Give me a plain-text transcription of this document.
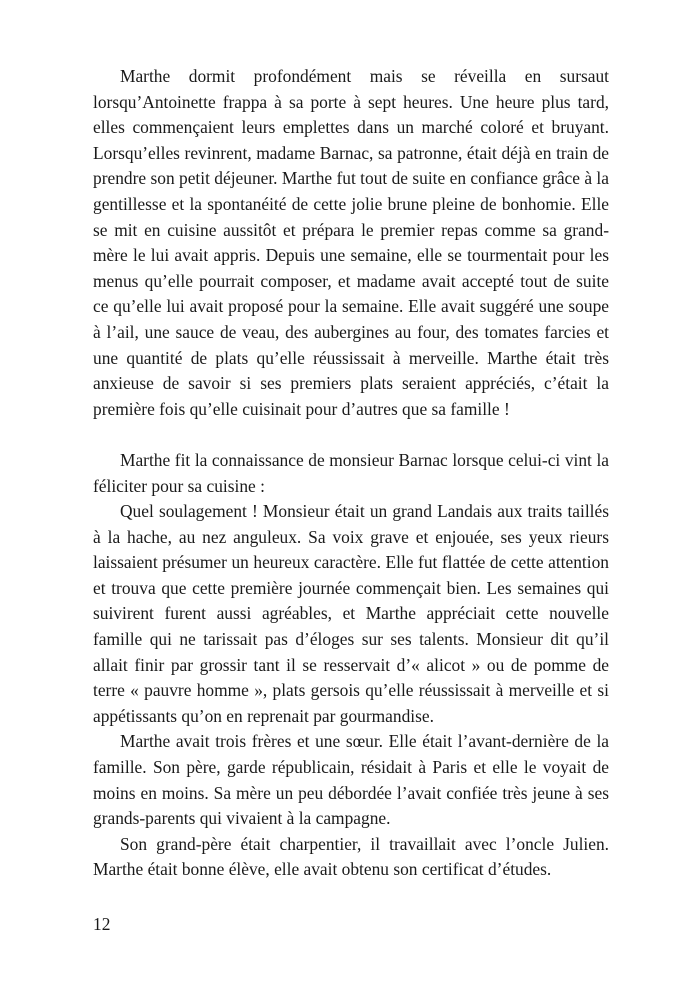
Marthe dormit profondément mais se réveilla en sursaut lorsqu’Antoinette frappa à sa porte à sept heures. Une heure plus tard, elles commençaient leurs emplettes dans un marché coloré et bruyant. Lorsqu’elles revinrent, madame Barnac, sa patronne, était déjà en train de prendre son petit déjeuner. Marthe fut tout de suite en confiance grâce à la gentillesse et la spontanéité de cette jolie brune pleine de bonhomie. Elle se mit en cuisine aussitôt et prépara le premier repas comme sa grand-mère le lui avait appris. Depuis une semaine, elle se tourmentait pour les menus qu’elle pourrait composer, et madame avait accepté tout de suite ce qu’elle lui avait proposé pour la semaine. Elle avait suggéré une soupe à l’ail, une sauce de veau, des aubergines au four, des tomates farcies et une quantité de plats qu’elle réussissait à merveille. Marthe était très anxieuse de savoir si ses premiers plats seraient appréciés, c’était la première fois qu’elle cuisinait pour d’autres que sa famille !

Marthe fit la connaissance de monsieur Barnac lorsque celui-ci vint la féliciter pour sa cuisine :

Quel soulagement ! Monsieur était un grand Landais aux traits taillés à la hache, au nez anguleux. Sa voix grave et enjouée, ses yeux rieurs laissaient présumer un heureux caractère. Elle fut flattée de cette attention et trouva que cette première journée commençait bien. Les semaines qui suivirent furent aussi agréables, et Marthe appréciait cette nouvelle famille qui ne tarissait pas d’éloges sur ses talents. Monsieur dit qu’il allait finir par grossir tant il se resservait d’« alicot » ou de pomme de terre « pauvre homme », plats gersois qu’elle réussissait à merveille et si appétissants qu’on en reprenait par gourmandise.

Marthe avait trois frères et une sœur. Elle était l’avant-dernière de la famille. Son père, garde républicain, résidait à Paris et elle le voyait de moins en moins. Sa mère un peu débordée l’avait confiée très jeune à ses grands-parents qui vivaient à la campagne.

Son grand-père était charpentier, il travaillait avec l’oncle Julien. Marthe était bonne élève, elle avait obtenu son certificat d’études.

12
